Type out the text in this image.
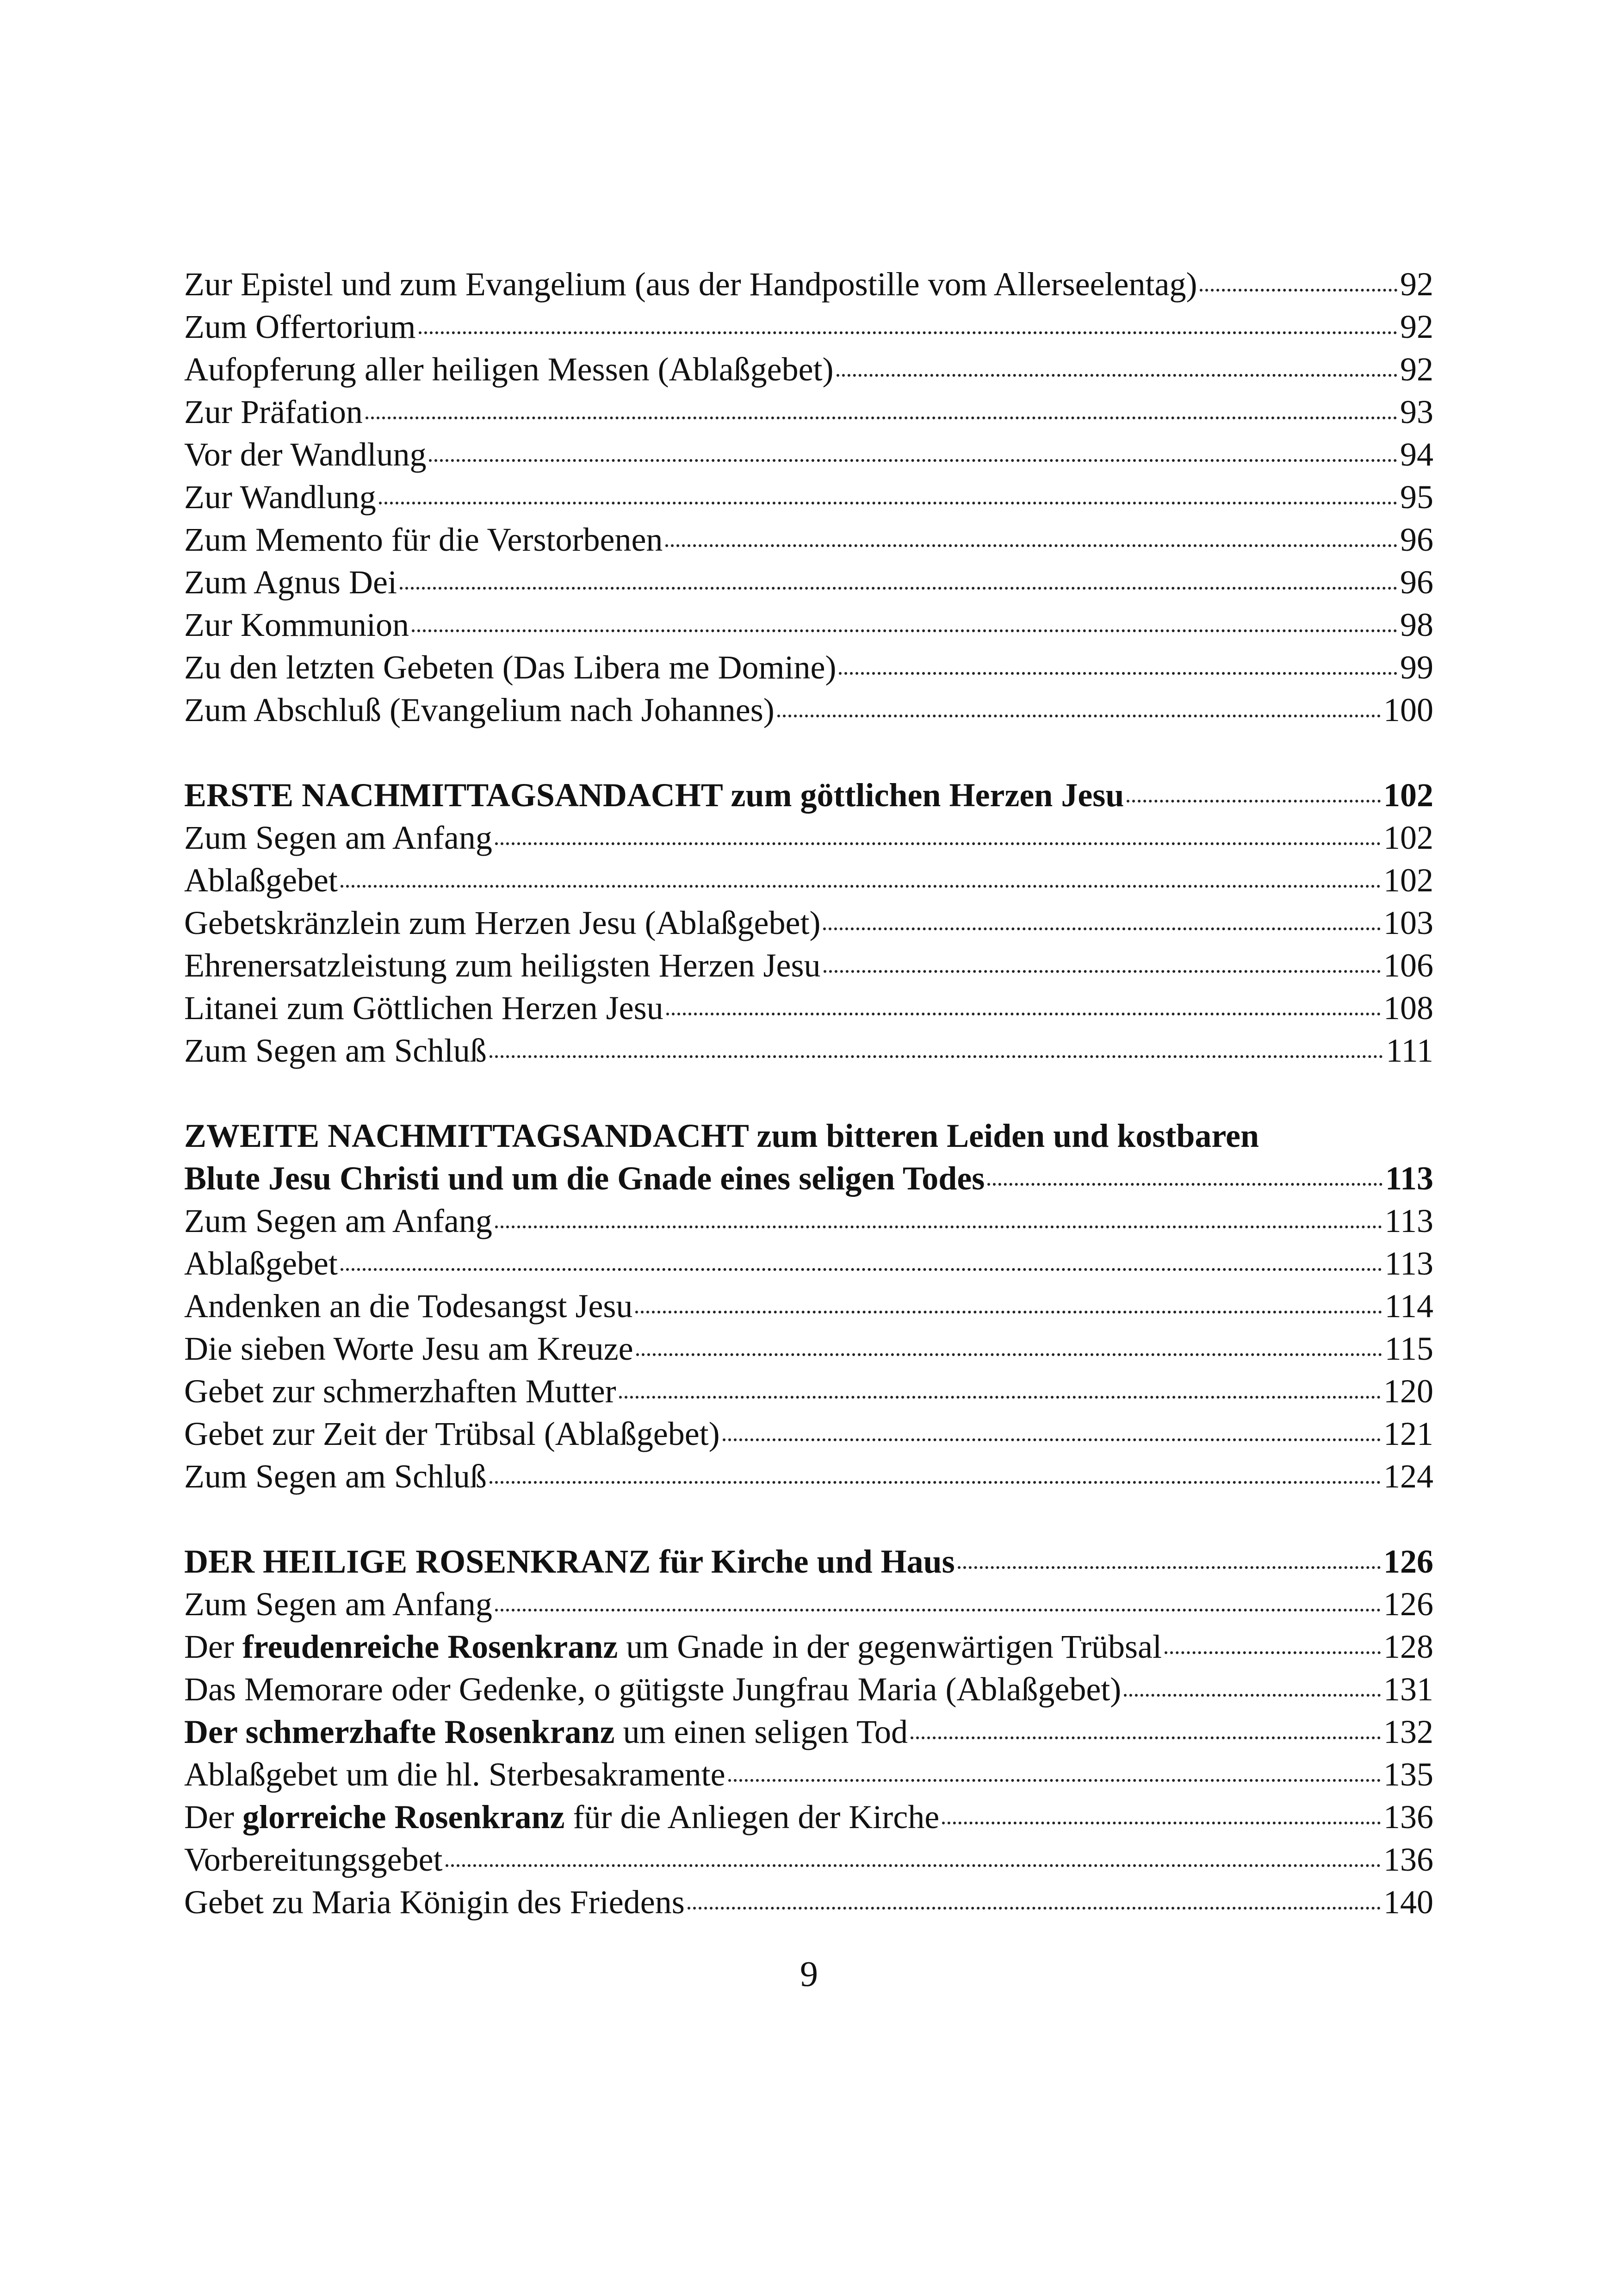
Zur Epistel und zum Evangelium (aus der Handpostille vom Allerseelentag)	92
Zum Offertorium	92
Aufopferung aller heiligen Messen (Ablaßgebet)	92
Zur Präfation	93
Vor der Wandlung	94
Zur Wandlung	95
Zum Memento für die Verstorbenen	96
Zum Agnus Dei	96
Zur Kommunion	98
Zu den letzten Gebeten (Das Libera me Domine)	99
Zum Abschluß (Evangelium nach Johannes)	100
ERSTE NACHMITTAGSANDACHT zum göttlichen Herzen Jesu	102
Zum Segen am Anfang	102
Ablaßgebet	102
Gebetskränzlein zum Herzen Jesu (Ablaßgebet)	103
Ehrenersatzleistung zum heiligsten Herzen Jesu	106
Litanei zum Göttlichen Herzen Jesu	108
Zum Segen am Schluß	111
ZWEITE NACHMITTAGSANDACHT zum bitteren Leiden und kostbaren
Blute Jesu Christi und um die Gnade eines seligen Todes	113
Zum Segen am Anfang	113
Ablaßgebet	113
Andenken an die Todesangst Jesu	114
Die sieben Worte Jesu am Kreuze	115
Gebet zur schmerzhaften Mutter	120
Gebet zur Zeit der Trübsal (Ablaßgebet)	121
Zum Segen am Schluß	124
DER HEILIGE ROSENKRANZ für Kirche und Haus	126
Zum Segen am Anfang	126
Der freudenreiche Rosenkranz um Gnade in der gegenwärtigen Trübsal	128
Das Memorare oder Gedenke, o gütigste Jungfrau Maria (Ablaßgebet)	131
Der schmerzhafte Rosenkranz um einen seligen Tod	132
Ablaßgebet um die hl. Sterbesakramente	135
Der glorreiche Rosenkranz für die Anliegen der Kirche	136
Vorbereitungsgebet	136
Gebet zu Maria Königin des Friedens	140
9
